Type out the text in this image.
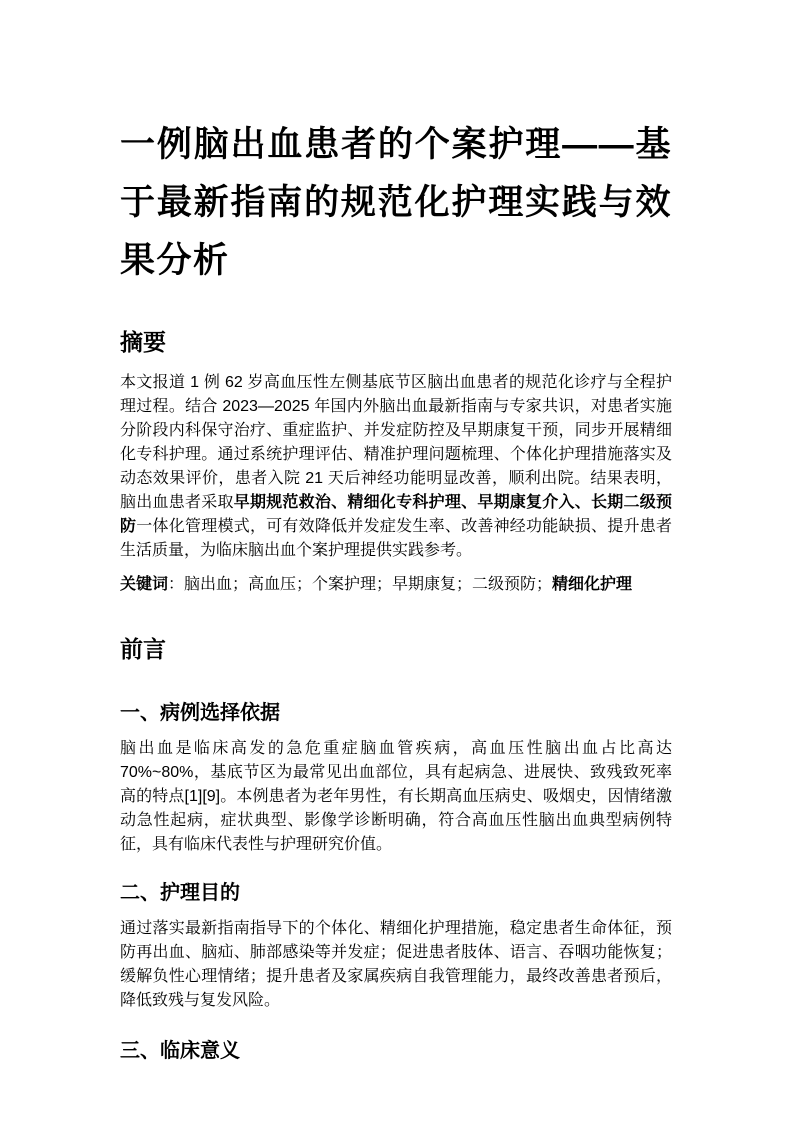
一例脑出血患者的个案护理——基于最新指南的规范化护理实践与效果分析
摘要

本文报道 1 例 62 岁高血压性左侧基底节区脑出血患者的规范化诊疗与全程护理过程。结合 2023—2025 年国内外脑出血最新指南与专家共识，对患者实施分阶段内科保守治疗、重症监护、并发症防控及早期康复干预，同步开展精细化专科护理。通过系统护理评估、精准护理问题梳理、个体化护理措施落实及动态效果评价，患者入院 21 天后神经功能明显改善，顺利出院。结果表明，脑出血患者采取早期规范救治、精细化专科护理、早期康复介入、长期二级预防一体化管理模式，可有效降低并发症发生率、改善神经功能缺损、提升患者生活质量，为临床脑出血个案护理提供实践参考。

关键词：脑出血；高血压；个案护理；早期康复；二级预防；精细化护理

前言
一、病例选择依据

脑出血是临床高发的急危重症脑血管疾病，高血压性脑出血占比高达 70%~80%，基底节区为最常见出血部位，具有起病急、进展快、致残致死率高的特点[1][9]。本例患者为老年男性，有长期高血压病史、吸烟史，因情绪激动急性起病，症状典型、影像学诊断明确，符合高血压性脑出血典型病例特征，具有临床代表性与护理研究价值。

二、护理目的

通过落实最新指南指导下的个体化、精细化护理措施，稳定患者生命体征，预防再出血、脑疝、肺部感染等并发症；促进患者肢体、语言、吞咽功能恢复；缓解负性心理情绪；提升患者及家属疾病自我管理能力，最终改善患者预后，降低致残与复发风险。

三、临床意义
